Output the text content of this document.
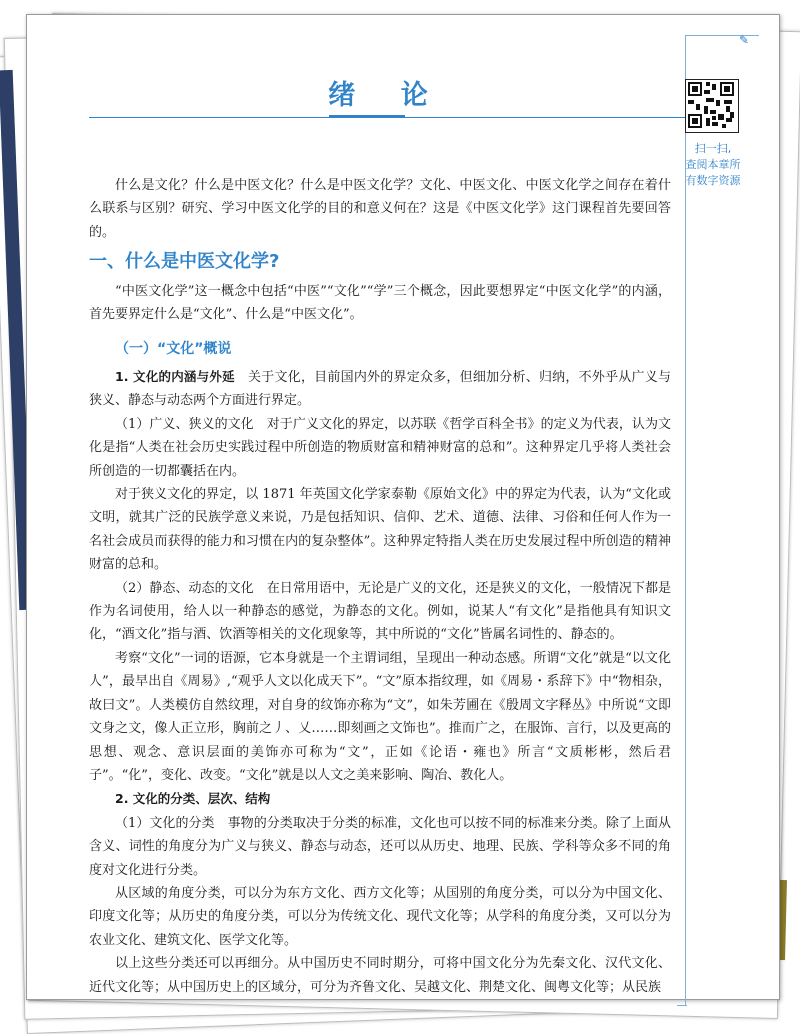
✎
绪 论
扫一扫,
查阅本章所
有数字资源

什么是文化？什么是中医文化？什么是中医文化学？文化、中医文化、中医文化学之间存在着什么联系与区别？研究、学习中医文化学的目的和意义何在？这是《中医文化学》这门课程首先要回答的。

一、什么是中医文化学?

“中医文化学”这一概念中包括“中医”“文化”“学”三个概念，因此要想界定“中医文化学”的内涵，首先要界定什么是“文化”、什么是“中医文化”。

（一）“文化”概说

1. 文化的内涵与外延　 关于文化，目前国内外的界定众多，但细加分析、归纳，不外乎从广义与狭义、静态与动态两个方面进行界定。

（1）广义、狭义的文化　对于广义文化的界定，以苏联《哲学百科全书》的定义为代表，认为文化是指“人类在社会历史实践过程中所创造的物质财富和精神财富的总和”。这种界定几乎将人类社会所创造的一切都囊括在内。

对于狭义文化的界定，以 1871 年英国文化学家泰勒《原始文化》中的界定为代表，认为“文化或文明，就其广泛的民族学意义来说，乃是包括知识、信仰、艺术、道德、法律、习俗和任何人作为一名社会成员而获得的能力和习惯在内的复杂整体”。这种界定特指人类在历史发展过程中所创造的精神财富的总和。

（2）静态、动态的文化　在日常用语中，无论是广义的文化，还是狭义的文化，一般情况下都是作为名词使用，给人以一种静态的感觉，为静态的文化。例如，说某人“有文化”是指他具有知识文化，“酒文化”指与酒、饮酒等相关的文化现象等，其中所说的“文化”皆属名词性的、静态的。

考察“文化”一词的语源，它本身就是一个主谓词组，呈现出一种动态感。所谓“文化”就是“以文化人”，最早出自《周易》,“观乎人文以化成天下”。“文”原本指纹理，如《周易・系辞下》中“物相杂，故曰文”。人类模仿自然纹理，对自身的纹饰亦称为“文”，如朱芳圃在《殷周文字释丛》中所说“文即文身之文，像人正立形，胸前之丿、乂……即刻画之文饰也”。推而广之，在服饰、言行，以及更高的思想、观念、意识层面的美饰亦可称为“文”，正如《论语・雍也》所言“文质彬彬，然后君子”。“化”，变化、改变。“文化”就是以人文之美来影响、陶冶、教化人。

2. 文化的分类、层次、结构

（1）文化的分类　事物的分类取决于分类的标准，文化也可以按不同的标准来分类。除了上面从含义、词性的角度分为广义与狭义、静态与动态，还可以从历史、地理、民族、学科等众多不同的角度对文化进行分类。

从区域的角度分类，可以分为东方文化、西方文化等；从国别的角度分类，可以分为中国文化、印度文化等；从历史的角度分类，可以分为传统文化、现代文化等；从学科的角度分类，又可以分为农业文化、建筑文化、医学文化等。

以上这些分类还可以再细分。从中国历史不同时期分，可将中国文化分为先秦文化、汉代文化、近代文化等；从中国历史上的区域分，可分为齐鲁文化、吴越文化、荆楚文化、闽粤文化等；从民族
